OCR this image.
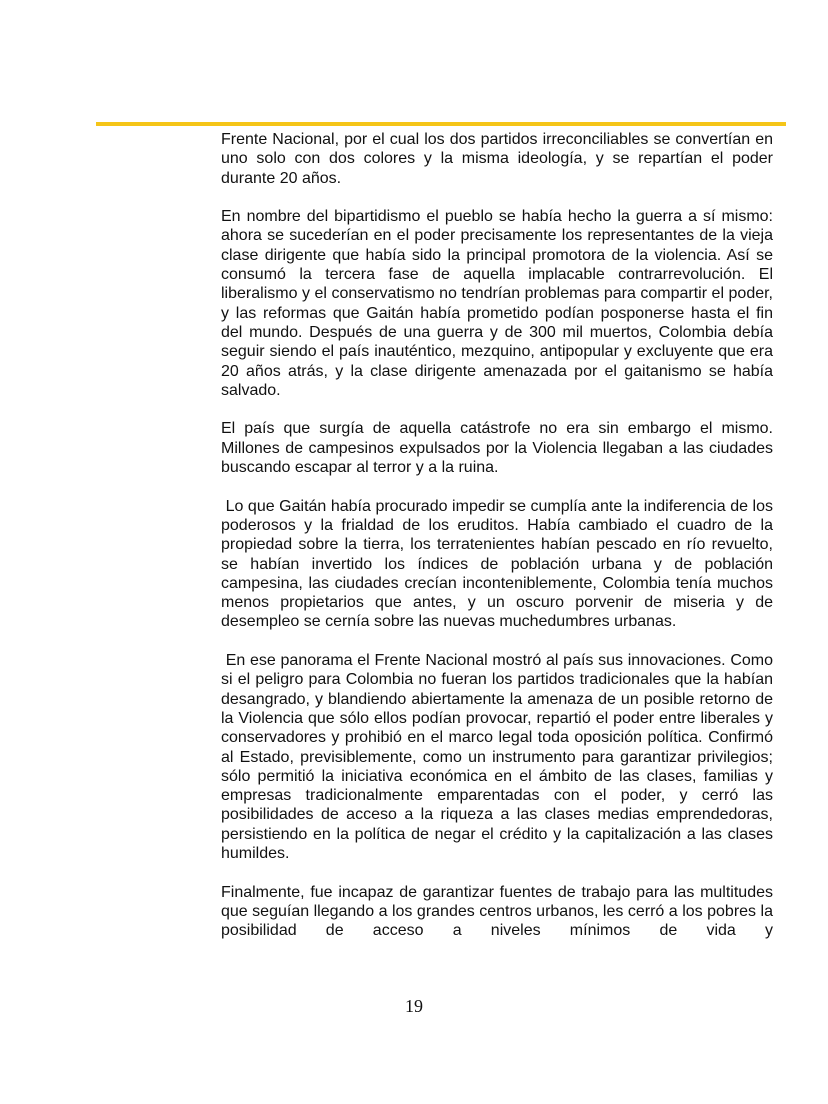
Frente Nacional, por el cual los dos partidos irreconciliables se convertían en uno solo con dos colores y la misma ideología, y se repartían el poder durante 20 años.

En nombre del bipartidismo el pueblo se había hecho la guerra a sí mismo: ahora se sucederían en el poder precisamente los representantes de la vieja clase dirigente que había sido la principal promotora de la violencia. Así se consumó la tercera fase de aquella implacable contrarrevolución. El liberalismo y el conservatismo no tendrían problemas para compartir el poder, y las reformas que Gaitán había prometido podían posponerse hasta el fin del mundo. Después de una guerra y de 300 mil muertos, Colombia debía seguir siendo el país inauténtico, mezquino, antipopular y excluyente que era 20 años atrás, y la clase dirigente amenazada por el gaitanismo se había salvado.

El país que surgía de aquella catástrofe no era sin embargo el mismo. Millones de campesinos expulsados por la Violencia llegaban a las ciudades buscando escapar al terror y a la ruina.

Lo que Gaitán había procurado impedir se cumplía ante la indiferencia de los poderosos y la frialdad de los eruditos. Había cambiado el cuadro de la propiedad sobre la tierra, los terratenientes habían pescado en río revuelto, se habían invertido los índices de población urbana y de población campesina, las ciudades crecían inconteniblemente, Colombia tenía muchos menos propietarios que antes, y un oscuro porvenir de miseria y de desempleo se cernía sobre las nuevas muchedumbres urbanas.

En ese panorama el Frente Nacional mostró al país sus innovaciones. Como si el peligro para Colombia no fueran los partidos tradicionales que la habían desangrado, y blandiendo abiertamente la amenaza de un posible retorno de la Violencia que sólo ellos podían provocar, repartió el poder entre liberales y conservadores y prohibió en el marco legal toda oposición política. Confirmó al Estado, previsiblemente, como un instrumento para garantizar privilegios; sólo permitió la iniciativa económica en el ámbito de las clases, familias y empresas tradicionalmente emparentadas con el poder, y cerró las posibilidades de acceso a la riqueza a las clases medias emprendedoras, persistiendo en la política de negar el crédito y la capitalización a las clases humildes.

Finalmente, fue incapaz de garantizar fuentes de trabajo para las multitudes que seguían llegando a los grandes centros urbanos, les cerró a los pobres la posibilidad de acceso a niveles mínimos de vida y

19
